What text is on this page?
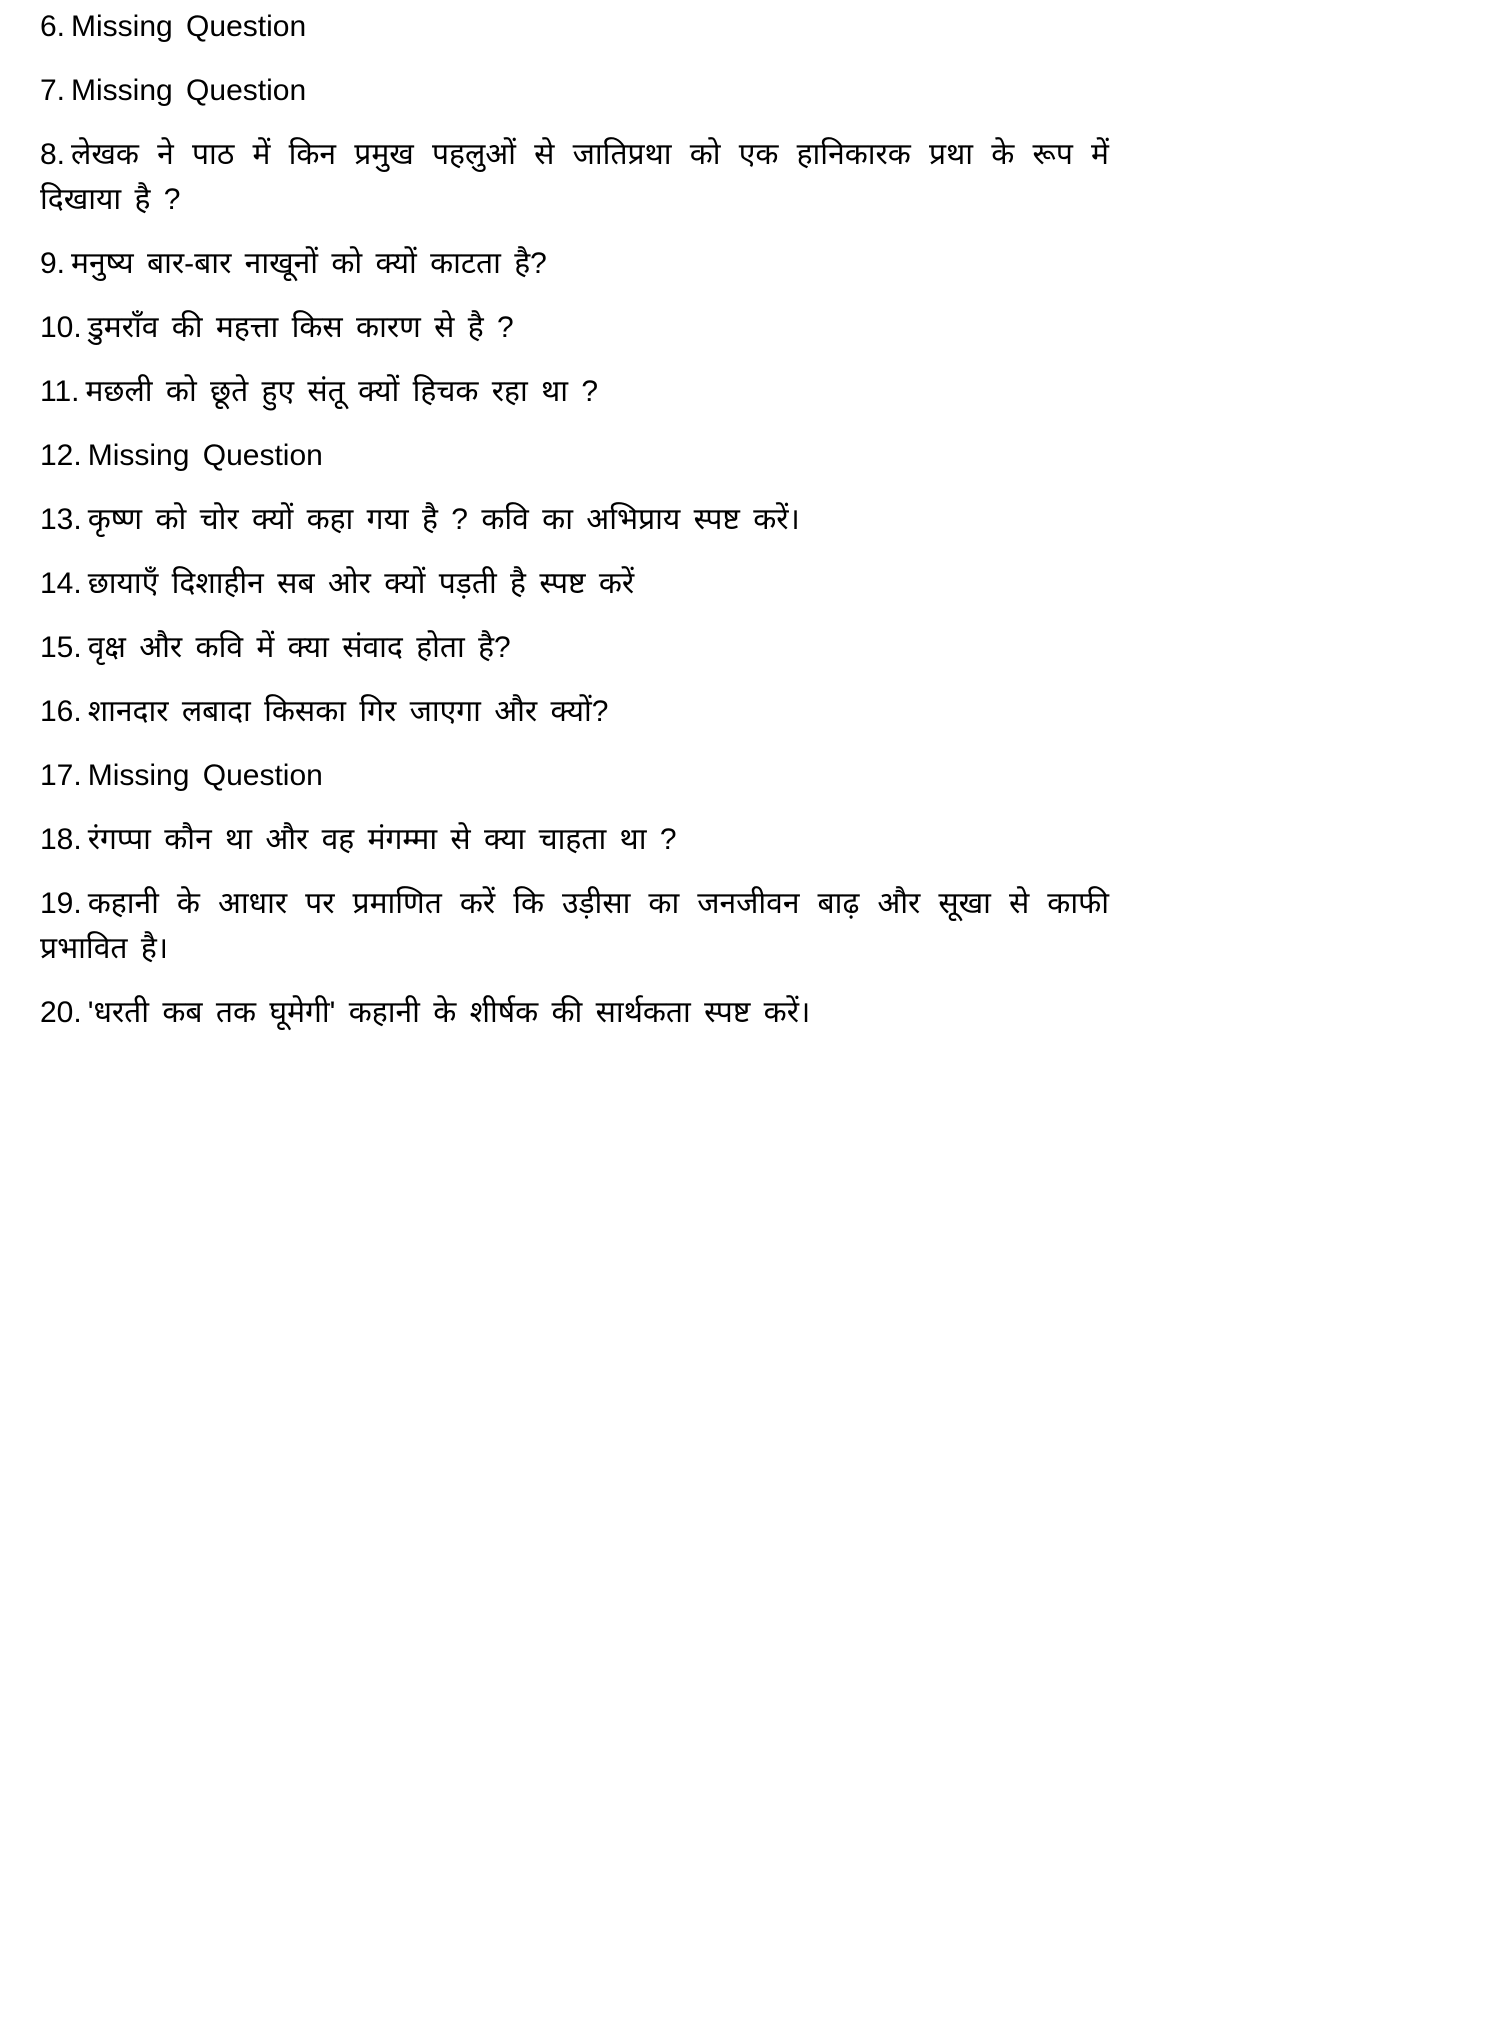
6. Missing Question

7. Missing Question

8. लेखक ने पाठ में किन प्रमुख पहलुओं से जातिप्रथा को एक हानिकारक प्रथा के रूप में दिखाया है ?

9. मनुष्य बार-बार नाखूनों को क्यों काटता है?

10. डुमराँव की महत्ता किस कारण से है ?

11. मछली को छूते हुए संतू क्यों हिचक रहा था ?

12. Missing Question

13. कृष्ण को चोर क्यों कहा गया है ? कवि का अभिप्राय स्पष्ट करें।

14. छायाएँ दिशाहीन सब ओर क्यों पड़ती है स्पष्ट करें

15. वृक्ष और कवि में क्या संवाद होता है?

16. शानदार लबादा किसका गिर जाएगा और क्यों?

17. Missing Question

18. रंगप्पा कौन था और वह मंगम्मा से क्या चाहता था ?

19. कहानी के आधार पर प्रमाणित करें कि उड़ीसा का जनजीवन बाढ़ और सूखा से काफी प्रभावित है।

20. 'धरती कब तक घूमेगी' कहानी के शीर्षक की सार्थकता स्पष्ट करें।
